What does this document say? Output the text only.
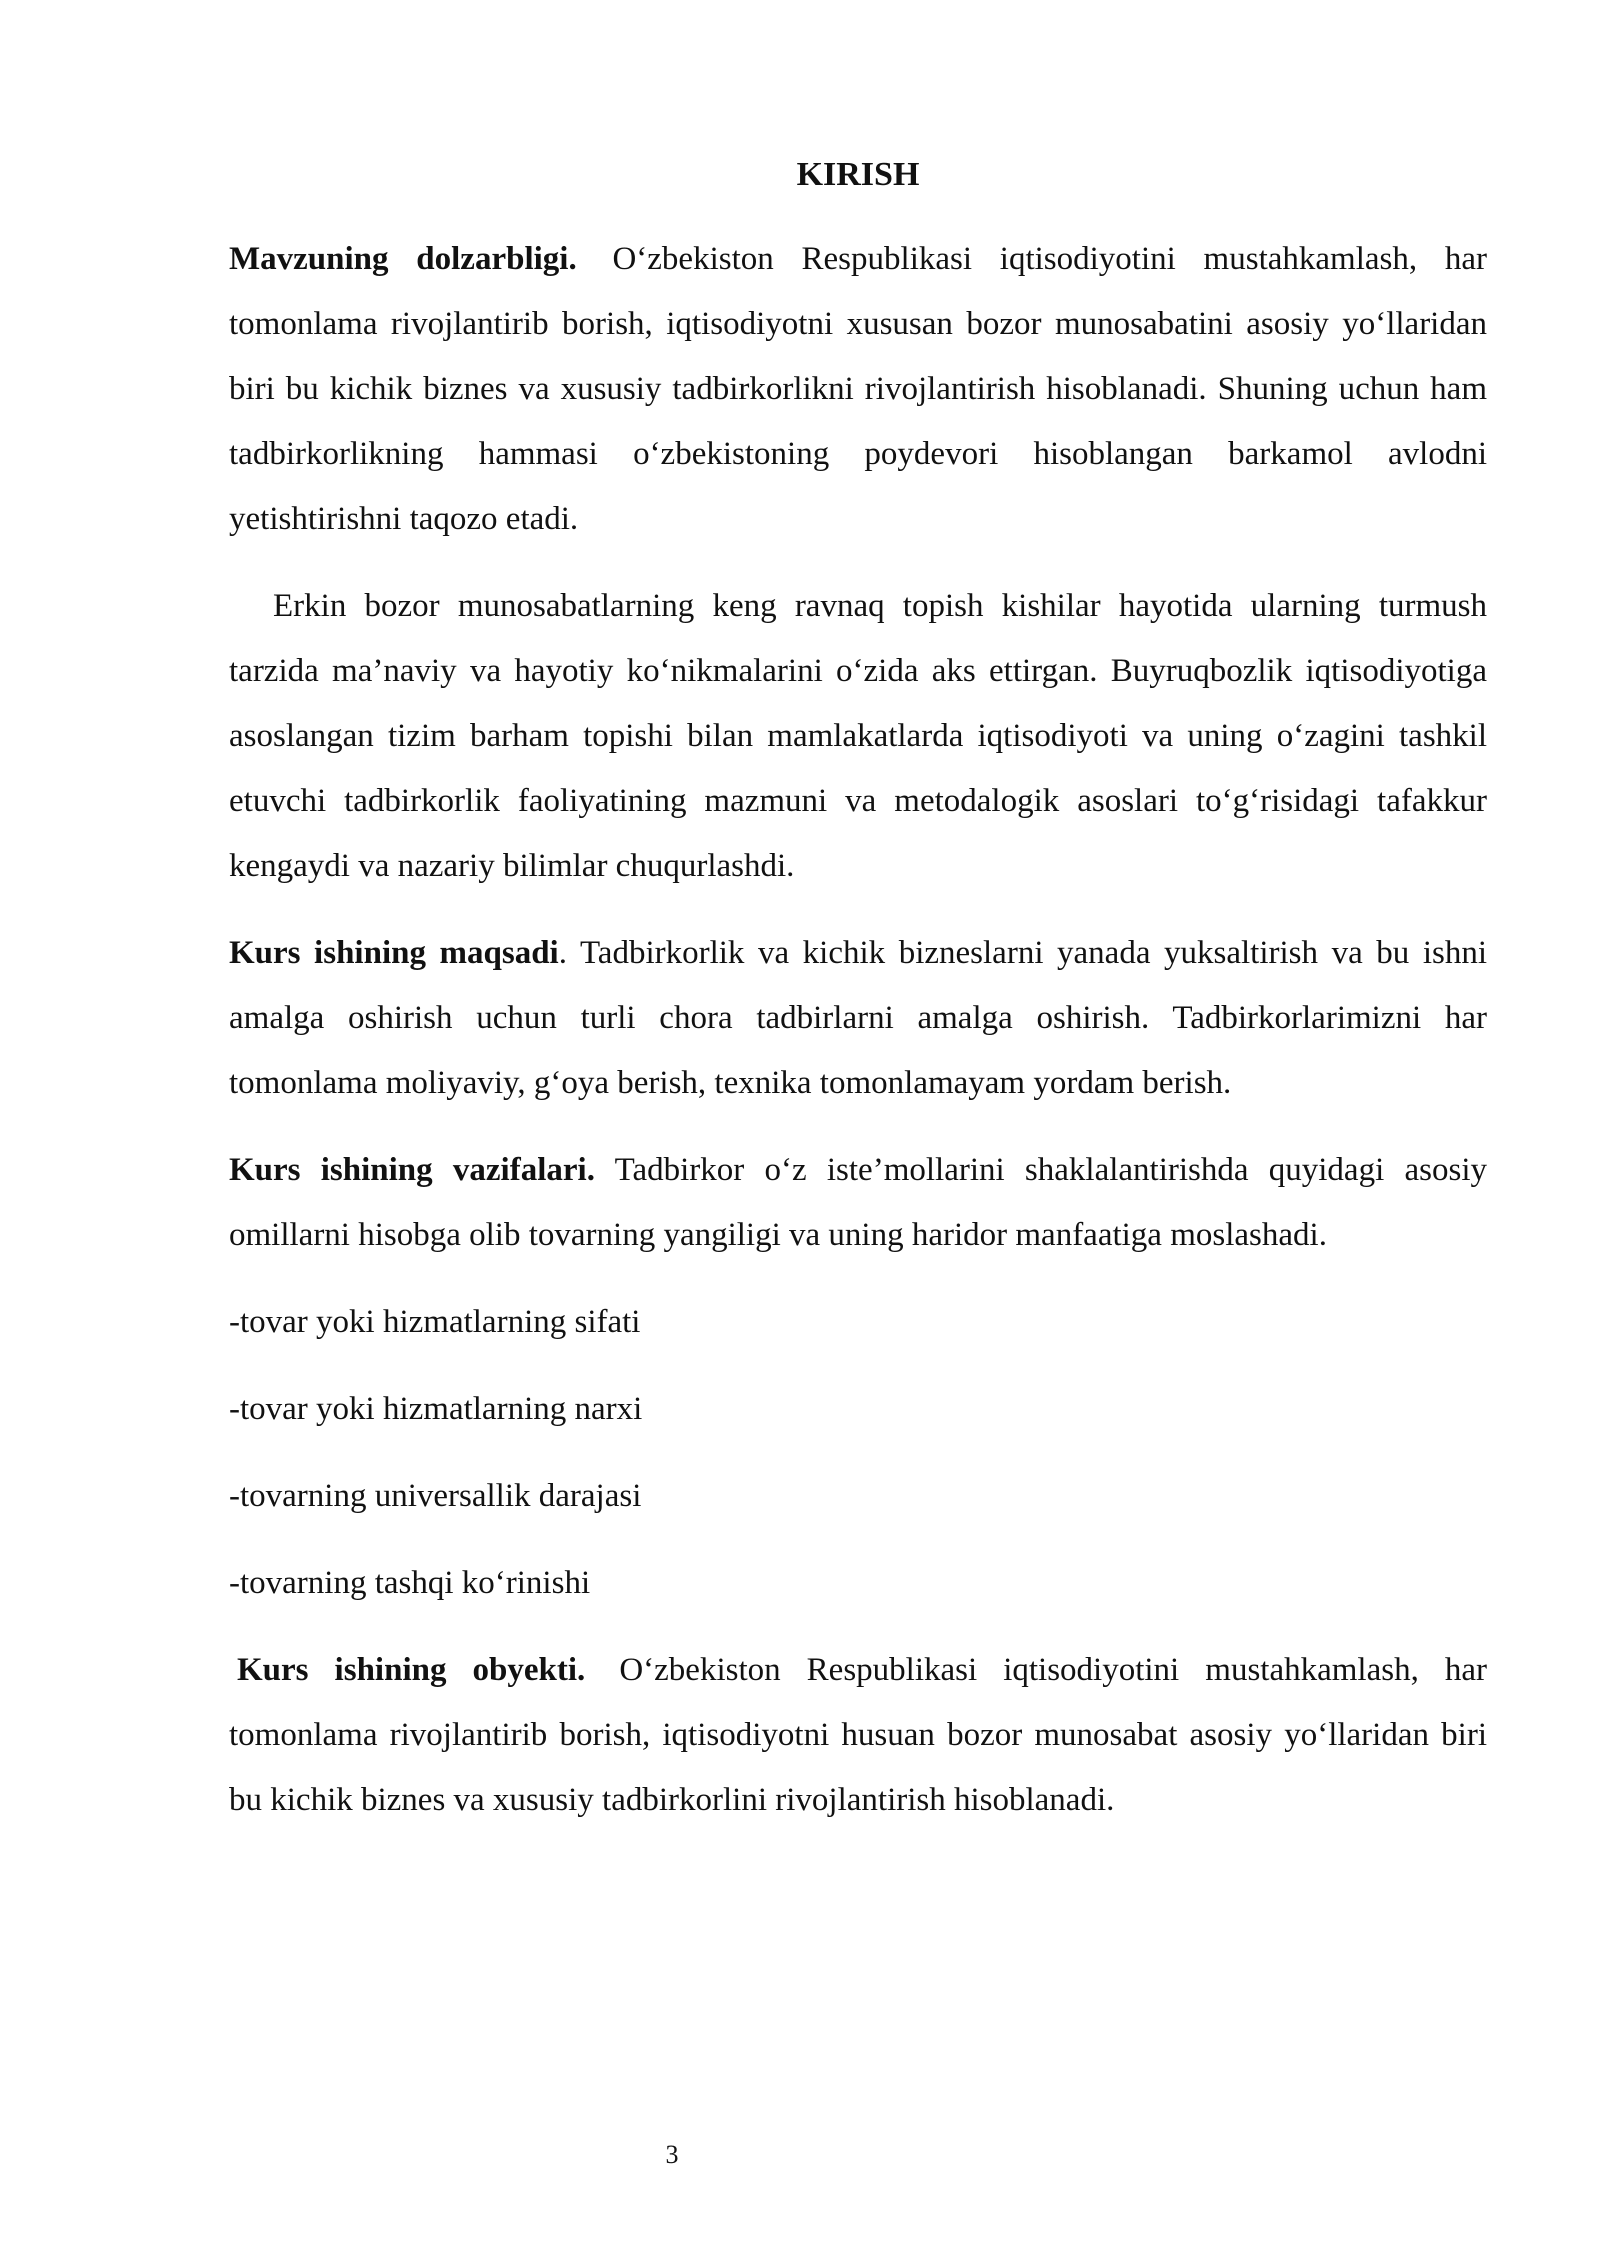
KIRISH

Mavzuning dolzarbligi. O‘zbekiston Respublikasi iqtisodiyotini mustahkamlash, har tomonlama rivojlantirib borish, iqtisodiyotni xususan bozor munosabatini asosiy yo‘llaridan biri bu kichik biznes va xususiy tadbirkorlikni rivojlantirish hisoblanadi. Shuning uchun ham tadbirkorlikning hammasi o‘zbekistoning poydevori hisoblangan barkamol avlodni yetishtirishni taqozo etadi.

Erkin bozor munosabatlarning keng ravnaq topish kishilar hayotida ularning turmush tarzida ma’naviy va hayotiy ko‘nikmalarini o‘zida aks ettirgan. Buyruqbozlik iqtisodiyotiga asoslangan tizim barham topishi bilan mamlakatlarda iqtisodiyoti va uning o‘zagini tashkil etuvchi tadbirkorlik faoliyatining mazmuni va metodalogik asoslari to‘g‘risidagi tafakkur kengaydi va nazariy bilimlar chuqurlashdi.

Kurs ishining maqsadi. Tadbirkorlik va kichik bizneslarni yanada yuksaltirish va bu ishni amalga oshirish uchun turli chora tadbirlarni amalga oshirish. Tadbirkorlarimizni har tomonlama moliyaviy, g‘oya berish, texnika tomonlamayam yordam berish.

Kurs ishining vazifalari. Tadbirkor o‘z iste’mollarini shaklalantirishda quyidagi asosiy omillarni hisobga olib tovarning yangiligi va uning haridor manfaatiga moslashadi.

-tovar yoki hizmatlarning sifati

-tovar yoki hizmatlarning narxi

-tovarning universallik darajasi

-tovarning tashqi ko‘rinishi

Kurs ishining obyekti. O‘zbekiston Respublikasi iqtisodiyotini mustahkamlash, har tomonlama rivojlantirib borish, iqtisodiyotni husuan bozor munosabat asosiy yo‘llaridan biri bu kichik biznes va xususiy tadbirkorlini rivojlantirish hisoblanadi.

3
